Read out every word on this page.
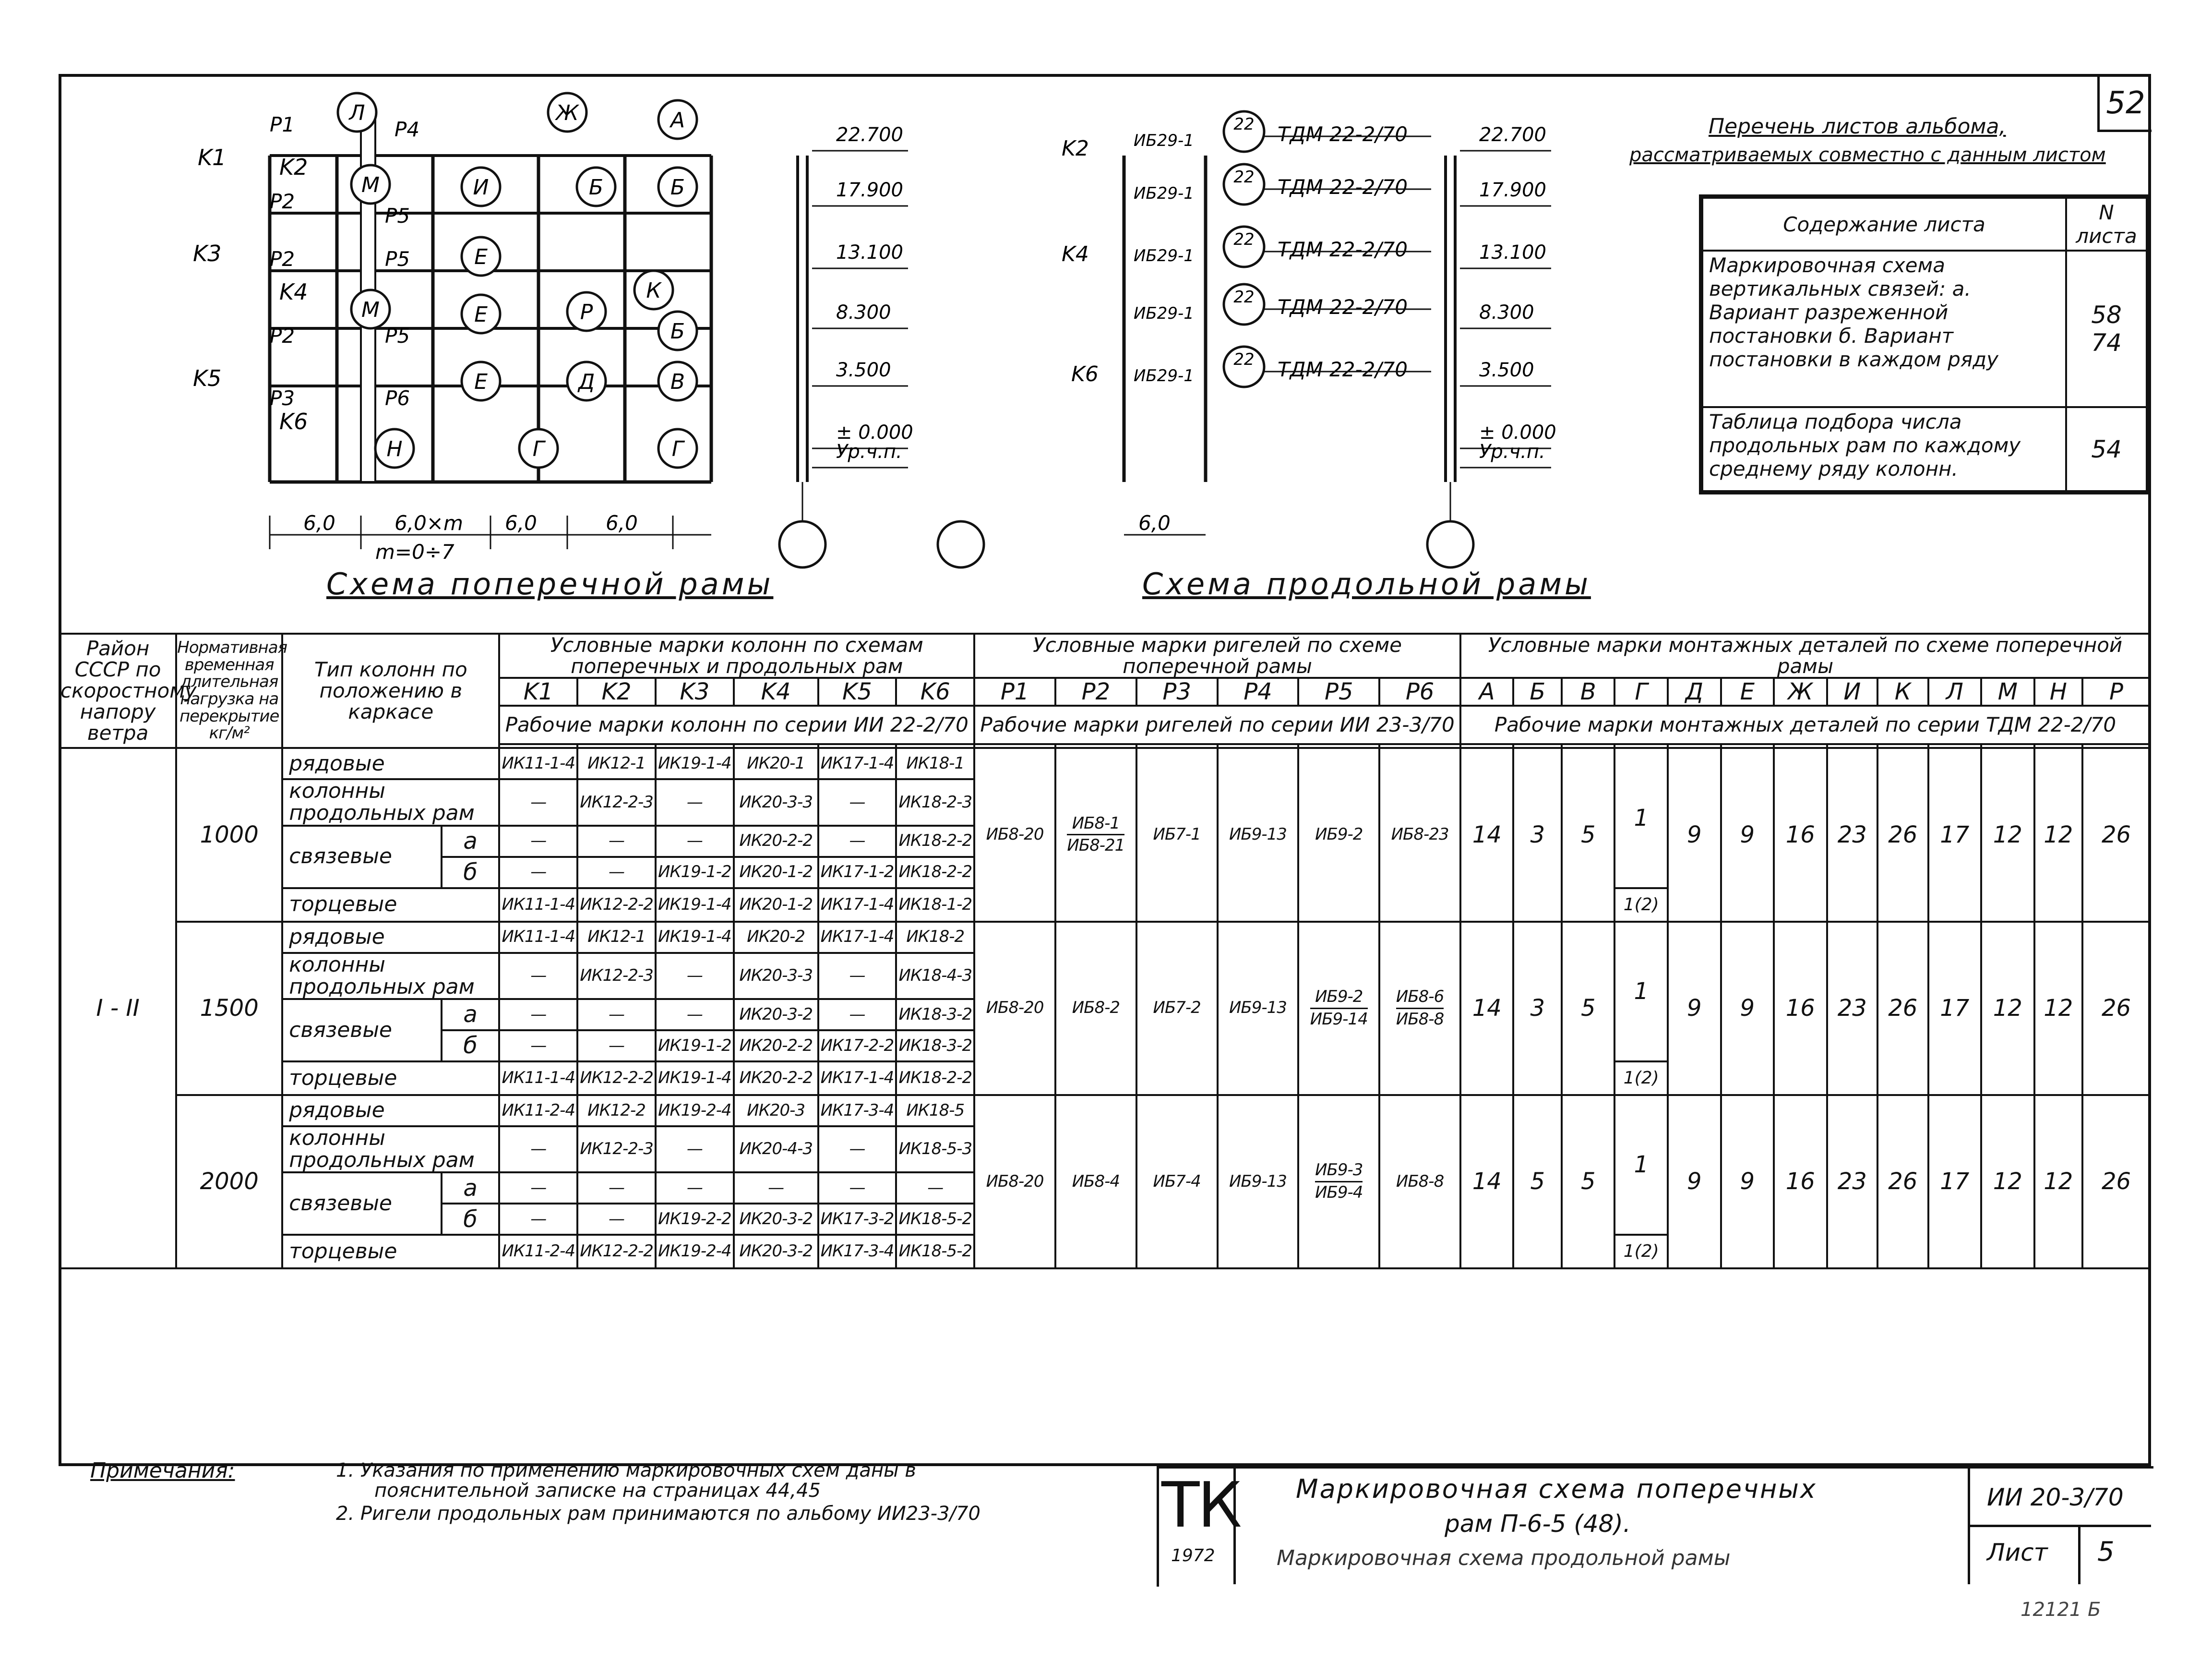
52
K1 K2
K3
K4
K5
K6
P1	P4
P2
P5
P2	P5
P2	P5
P3	P6
Л
М
М
Н
Ж	А
И	Б
Е
Б
Е	Р
К
Б
Е	Д	В
Г	Г
6,0	6,0×m 6,0	6,0
m=0÷7
22.700
17.900
13.100
8.300
3.500
± 0.000
Ур.ч.п.
ИБ29-1
22 ТДМ 22-2/70
ИБ29-1
22 ТДМ 22-2/70
ИБ29-1
22 ТДМ 22-2/70
ИБ29-1
22 ТДМ 22-2/70
ИБ29-1
22 ТДМ 22-2/70
K2
K4
K6
6,0
22.700
17.900
13.100
8.300
3.500
± 0.000
Ур.ч.п.
Схема поперечной рамы	Схема продольной рамы
Перечень листов альбома,
рассматриваемых совместно с данным листом
Содержание листа	N листа
Маркировочная схема вертикальных связей: а. Вариант разреженной постановки б. Вариант постановки в каждом ряду	58 74
Таблица подбора числа продольных рам по каждому среднему ряду колонн.	54
Район СССР по скоростному напору ветра	Нормативная временная длительная нагрузка на перекрытие кг/м²	Тип колонн по положению в каркасе		Условные марки колонн по схемам поперечных и продольных рам						Условные марки ригелей по схеме поперечной рамы						Условные марки монтажных деталей по схеме поперечной рамы												
				K1	K2	K3	K4	K5	K6	P1	P2	P3	P4	P5	P6	А	Б	В	Г	Д	Е	Ж	И	К	Л	М	Н	Р
				Рабочие марки колонн по серии ИИ 22-2/70						Рабочие марки ригелей по серии ИИ 23-3/70						Рабочие марки монтажных деталей по серии ТДМ 22-2/70												

I - II	1000	рядовые		ИК11-1-4	ИК12-1	ИК19-1-4	ИК20-1	ИК17-1-4	ИК18-1	ИБ8-20	$\frac{ИБ8-1}{ИБ8-21}$	ИБ7-1	ИБ9-13	ИБ9-2	ИБ8-23	14	3	5	1	9	9	16	23	26	17	12	12	26
		колонны продольных рам		—	ИК12-2-3	—	ИК20-3-3	—	ИК18-2-3																			
		связевые	а	—	—	—	ИК20-2-2	—	ИК18-2-2																			
			б	—	—	ИК19-1-2	ИК20-1-2	ИК17-1-2	ИК18-2-2																			
		торцевые		ИК11-1-4	ИК12-2-2	ИК19-1-4	ИК20-1-2	ИК17-1-4	ИК18-1-2										1(2)									
	1500	рядовые		ИК11-1-4	ИК12-1	ИК19-1-4	ИК20-2	ИК17-1-4	ИК18-2	ИБ8-20	ИБ8-2	ИБ7-2	ИБ9-13	$\frac{ИБ9-2}{ИБ9-14}$	$\frac{ИБ8-6}{ИБ8-8}$	14	3	5	1	9	9	16	23	26	17	12	12	26
		колонны продольных рам		—	ИК12-2-3	—	ИК20-3-3	—	ИК18-4-3																			
		связевые	а	—	—	—	ИК20-3-2	—	ИК18-3-2																			
			б	—	—	ИК19-1-2	ИК20-2-2	ИК17-2-2	ИК18-3-2																			
		торцевые		ИК11-1-4	ИК12-2-2	ИК19-1-4	ИК20-2-2	ИК17-1-4	ИК18-2-2										1(2)									
	2000	рядовые		ИК11-2-4	ИК12-2	ИК19-2-4	ИК20-3	ИК17-3-4	ИК18-5	ИБ8-20	ИБ8-4	ИБ7-4	ИБ9-13	$\frac{ИБ9-3}{ИБ9-4}$	ИБ8-8	14	5	5	1	9	9	16	23	26	17	12	12	26
		колонны продольных рам		—	ИК12-2-3	—	ИК20-4-3	—	ИК18-5-3																			
		связевые	а	—	—	—	—	—	—																			
			б	—	—	ИК19-2-2	ИК20-3-2	ИК17-3-2	ИК18-5-2																			
		торцевые		ИК11-2-4	ИК12-2-2	ИК19-2-4	ИК20-3-2	ИК17-3-4	ИК18-5-2										1(2)									
Примечания:	1. Указания по применению маркировочных схем даны в
пояснительной записке на страницах 44,45
2. Ригели продольных рам принимаются по альбому ИИ23-3/70	ТК
1972
Маркировочная схема поперечных
рам П-6-5 (48).
Маркировочная схема продольной рамы
ИИ 20-3/70
Лист 5
12121 Б
